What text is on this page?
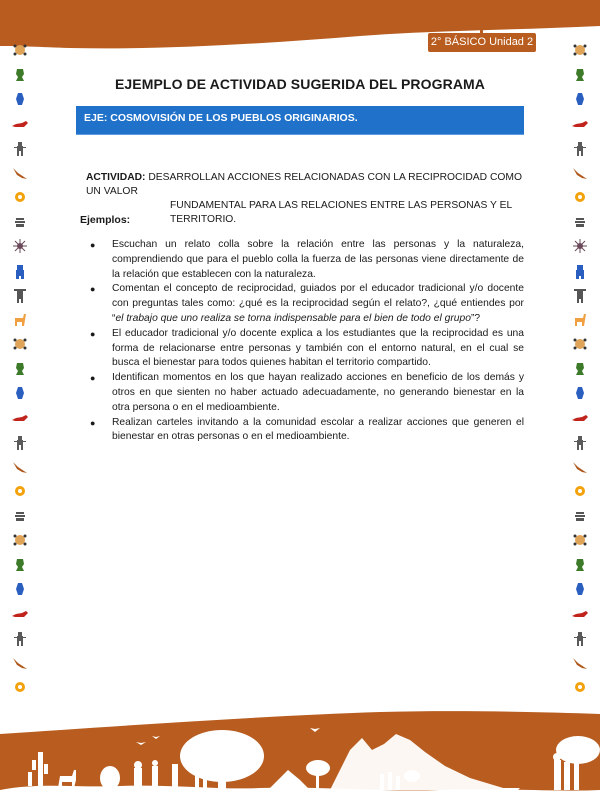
2° BÁSICO Unidad 2
EJEMPLO DE ACTIVIDAD SUGERIDA DEL PROGRAMA
EJE: COSMOVISIÓN DE LOS PUEBLOS ORIGINARIOS.
ACTIVIDAD: DESARROLLAN ACCIONES RELACIONADAS CON LA RECIPROCIDAD COMO UN VALOR
FUNDAMENTAL PARA LAS RELACIONES ENTRE LAS PERSONAS Y EL TERRITORIO.
Ejemplos:
● Escuchan un relato colla sobre la relación entre las personas y la naturaleza, comprendiendo que para el pueblo colla la fuerza de las personas viene directamente de la relación que establecen con la naturaleza.
● Comentan el concepto de reciprocidad, guiados por el educador tradicional y/o docente con preguntas tales como: ¿qué es la reciprocidad según el relato?, ¿qué entiendes por “el trabajo que uno realiza se torna indispensable para el bien de todo el grupo”?
● El educador tradicional y/o docente explica a los estudiantes que la reciprocidad es una forma de relacionarse entre personas y también con el entorno natural, en el cual se busca el bienestar para todos quienes habitan el territorio compartido.
● Identifican momentos en los que hayan realizado acciones en beneficio de los demás y otros en que sienten no haber actuado adecuadamente, no generando bienestar en la otra persona o en el medioambiente.
● Realizan carteles invitando a la comunidad escolar a realizar acciones que generen el bienestar en otras personas o en el medioambiente.
